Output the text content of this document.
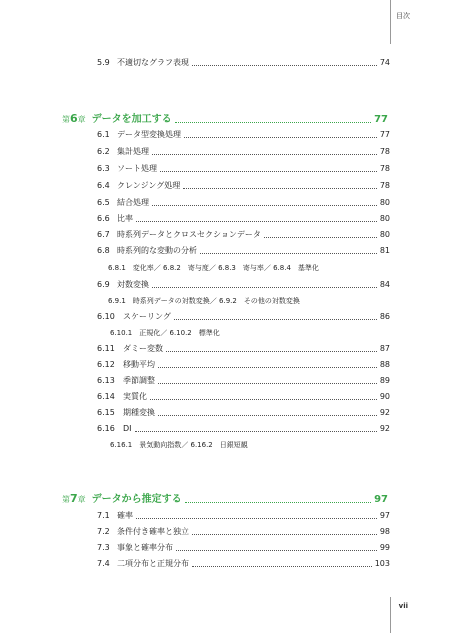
目次
5.9 不適切なグラフ表現	74
第6章 データを加工する	77
6.1 データ型変換処理	77
6.2 集計処理	78
6.3 ソート処理	78
6.4 クレンジング処理	78
6.5 結合処理	80
6.6 比率	80
6.7 時系列データとクロスセクションデータ	80
6.8 時系列的な変動の分析	81
6.8.1　変化率／ 6.8.2　寄与度／ 6.8.3　寄与率／ 6.8.4　基準化
6.9 対数変換	84
6.9.1　時系列データの対数変換／ 6.9.2　その他の対数変換
6.10	スケーリング	86
6.10.1　正規化／ 6.10.2　標準化
6.11	ダミー変数	87
6.12	移動平均	88
6.13	季節調整	89
6.14	実質化	90
6.15	期種変換	92
6.16	DI	92
6.16.1　景気動向指数／ 6.16.2　日銀短観
第7章 データから推定する	97
7.1 確率	97
7.2 条件付き確率と独立	98
7.3 事象と確率分布	99
7.4 二項分布と正規分布	103
vii
